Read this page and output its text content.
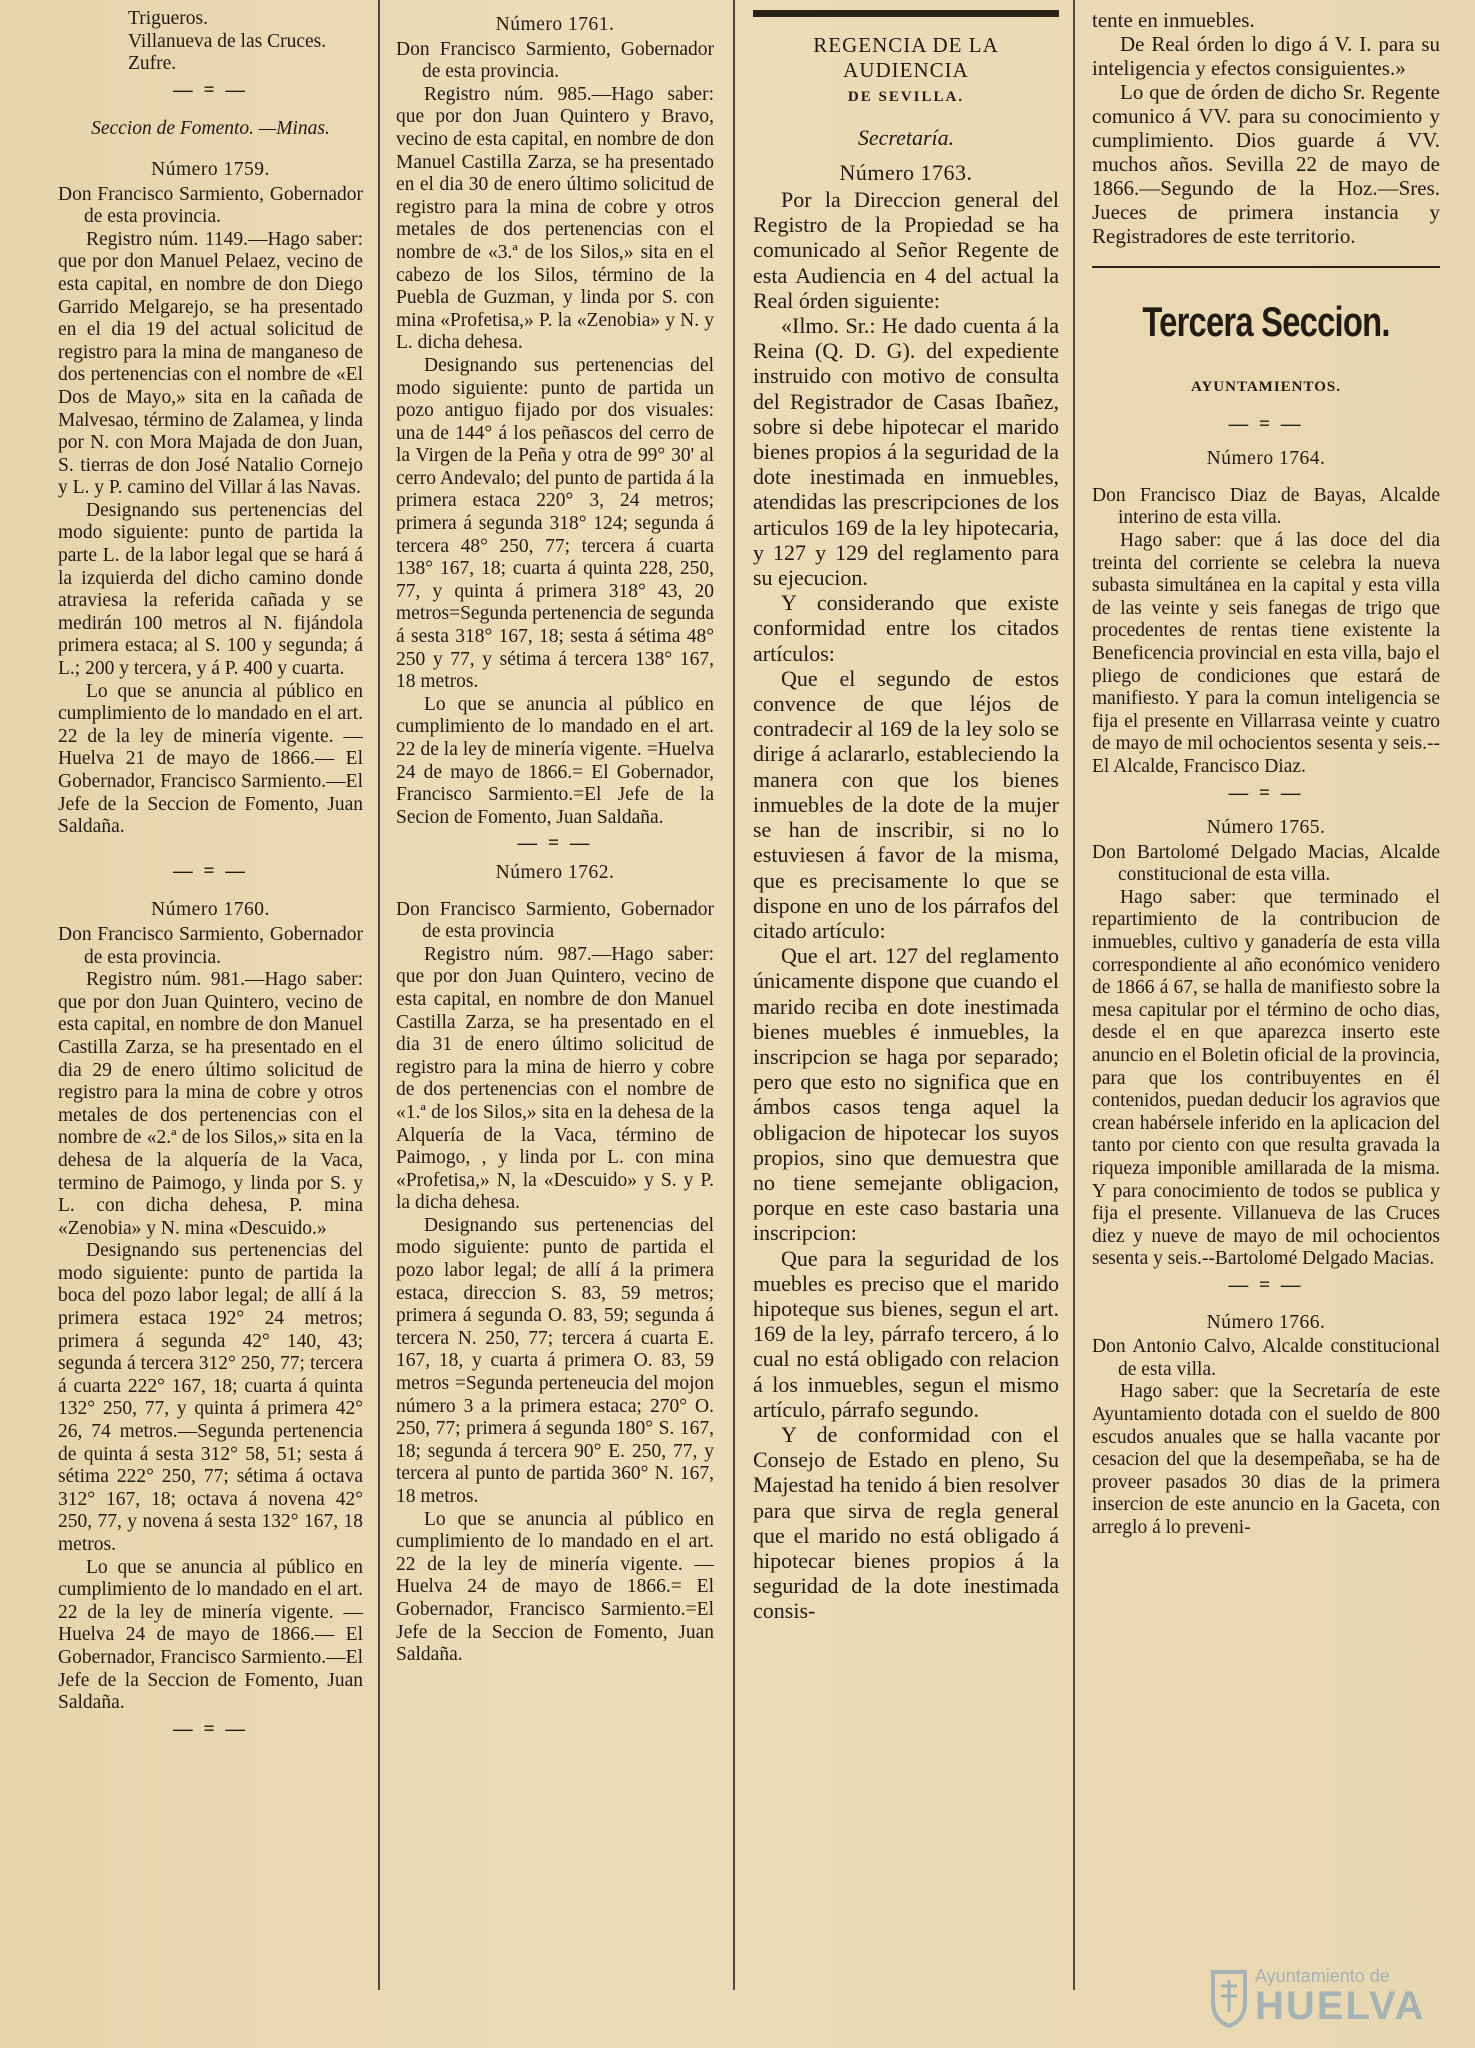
Trigueros.

Villanueva de las Cruces.

Zufre.

— = —

Seccion de Fomento. —Minas.

Número 1759.

Don Francisco Sarmiento, Gobernador de esta provincia.

Registro núm. 1149.—Hago saber: que por don Manuel Pelaez, vecino de esta capital, en nombre de don Diego Garrido Melgarejo, se ha presentado en el dia 19 del actual solicitud de registro para la mina de manganeso de dos pertenencias con el nombre de «El Dos de Mayo,» sita en la cañada de Malvesao, término de Zalamea, y linda por N. con Mora Majada de don Juan, S. tierras de don José Natalio Cornejo y L. y P. camino del Villar á las Navas.

Designando sus pertenencias del modo siguiente: punto de partida la parte L. de la labor legal que se hará á la izquierda del dicho camino donde atraviesa la referida cañada y se medirán 100 metros al N. fijándola primera estaca; al S. 100 y segunda; á L.; 200 y tercera, y á P. 400 y cuarta.

Lo que se anuncia al público en cumplimiento de lo mandado en el art. 22 de la ley de minería vigente. —Huelva 21 de mayo de 1866.— El Gobernador, Francisco Sarmiento.—El Jefe de la Seccion de Fomento, Juan Saldaña.

— = —

Número 1760.

Don Francisco Sarmiento, Gobernador de esta provincia.

Registro núm. 981.—Hago saber: que por don Juan Quintero, vecino de esta capital, en nombre de don Manuel Castilla Zarza, se ha presentado en el dia 29 de enero último solicitud de registro para la mina de cobre y otros metales de dos pertenencias con el nombre de «2.ª de los Silos,» sita en la dehesa de la alquería de la Vaca, termino de Paimogo, y linda por S. y L. con dicha dehesa, P. mina «Zenobia» y N. mina «Descuido.»

Designando sus pertenencias del modo siguiente: punto de partida la boca del pozo labor legal; de allí á la primera estaca 192° 24 metros; primera á segunda 42° 140, 43; segunda á tercera 312° 250, 77; tercera á cuarta 222° 167, 18; cuarta á quinta 132° 250, 77, y quinta á primera 42° 26, 74 metros.—Segunda pertenencia de quinta á sesta 312° 58, 51; sesta á sétima 222° 250, 77; sétima á octava 312° 167, 18; octava á novena 42° 250, 77, y novena á sesta 132° 167, 18 metros.

Lo que se anuncia al público en cumplimiento de lo mandado en el art. 22 de la ley de minería vigente. —Huelva 24 de mayo de 1866.— El Gobernador, Francisco Sarmiento.—El Jefe de la Seccion de Fomento, Juan Saldaña.

— = —

Número 1761.

Don Francisco Sarmiento, Gobernador de esta provincia.

Registro núm. 985.—Hago saber: que por don Juan Quintero y Bravo, vecino de esta capital, en nombre de don Manuel Castilla Zarza, se ha presentado en el dia 30 de enero último solicitud de registro para la mina de cobre y otros metales de dos pertenencias con el nombre de «3.ª de los Silos,» sita en el cabezo de los Silos, término de la Puebla de Guzman, y linda por S. con mina «Profetisa,» P. la «Zenobia» y N. y L. dicha dehesa.

Designando sus pertenencias del modo siguiente: punto de partida un pozo antiguo fijado por dos visuales: una de 144° á los peñascos del cerro de la Virgen de la Peña y otra de 99° 30' al cerro Andevalo; del punto de partida á la primera estaca 220° 3, 24 metros; primera á segunda 318° 124; segunda á tercera 48° 250, 77; tercera á cuarta 138° 167, 18; cuarta á quinta 228, 250, 77, y quinta á primera 318° 43, 20 metros=Segunda pertenencia de segunda á sesta 318° 167, 18; sesta á sétima 48° 250 y 77, y sétima á tercera 138° 167, 18 metros.

Lo que se anuncia al público en cumplimiento de lo mandado en el art. 22 de la ley de minería vigente. =Huelva 24 de mayo de 1866.= El Gobernador, Francisco Sarmiento.=El Jefe de la Secion de Fomento, Juan Saldaña.

— = —

Número 1762.

Don Francisco Sarmiento, Gobernador de esta provincia

Registro núm. 987.—Hago saber: que por don Juan Quintero, vecino de esta capital, en nombre de don Manuel Castilla Zarza, se ha presentado en el dia 31 de enero último solicitud de registro para la mina de hierro y cobre de dos pertenencias con el nombre de «1.ª de los Silos,» sita en la dehesa de la Alquería de la Vaca, término de Paimogo, , y linda por L. con mina «Profetisa,» N, la «Descuido» y S. y P. la dicha dehesa.

Designando sus pertenencias del modo siguiente: punto de partida el pozo labor legal; de allí á la primera estaca, direccion S. 83, 59 metros; primera á segunda O. 83, 59; segunda á tercera N. 250, 77; tercera á cuarta E. 167, 18, y cuarta á primera O. 83, 59 metros =Segunda perteneucia del mojon número 3 a la primera estaca; 270° O. 250, 77; primera á segunda 180° S. 167, 18; segunda á tercera 90° E. 250, 77, y tercera al punto de partida 360° N. 167, 18 metros.

Lo que se anuncia al público en cumplimiento de lo mandado en el art. 22 de la ley de minería vigente. —Huelva 24 de mayo de 1866.= El Gobernador, Francisco Sarmiento.=El Jefe de la Seccion de Fomento, Juan Saldaña.

REGENCIA DE LA AUDIENCIA

DE SEVILLA.

Secretaría.

Número 1763.

Por la Direccion general del Registro de la Propiedad se ha comunicado al Señor Regente de esta Audiencia en 4 del actual la Real órden siguiente:

«Ilmo. Sr.: He dado cuenta á la Reina (Q. D. G). del expediente instruido con motivo de consulta del Registrador de Casas Ibañez, sobre si debe hipotecar el marido bienes propios á la seguridad de la dote inestimada en inmuebles, atendidas las prescripciones de los articulos 169 de la ley hipotecaria, y 127 y 129 del reglamento para su ejecucion.

Y considerando que existe conformidad entre los citados artículos:

Que el segundo de estos convence de que léjos de contradecir al 169 de la ley solo se dirige á aclararlo, estableciendo la manera con que los bienes inmuebles de la dote de la mujer se han de inscribir, si no lo estuviesen á favor de la misma, que es precisamente lo que se dispone en uno de los párrafos del citado artículo:

Que el art. 127 del reglamento únicamente dispone que cuando el marido reciba en dote inestimada bienes muebles é inmuebles, la inscripcion se haga por separado; pero que esto no significa que en ámbos casos tenga aquel la obligacion de hipotecar los suyos propios, sino que demuestra que no tiene semejante obligacion, porque en este caso bastaria una inscripcion:

Que para la seguridad de los muebles es preciso que el marido hipoteque sus bienes, segun el art. 169 de la ley, párrafo tercero, á lo cual no está obligado con relacion á los inmuebles, segun el mismo artículo, párrafo segundo.

Y de conformidad con el Consejo de Estado en pleno, Su Majestad ha tenido á bien resolver para que sirva de regla general que el marido no está obligado á hipotecar bienes propios á la seguridad de la dote inestimada consis-

tente en inmuebles.

De Real órden lo digo á V. I. para su inteligencia y efectos consiguientes.»

Lo que de órden de dicho Sr. Regente comunico á VV. para su conocimiento y cumplimiento. Dios guarde á VV. muchos años. Sevilla 22 de mayo de 1866.—Segundo de la Hoz.—Sres. Jueces de primera instancia y Registradores de este territorio.

Tercera Seccion.

AYUNTAMIENTOS.

— = —

Número 1764.

Don Francisco Diaz de Bayas, Alcalde interino de esta villa.

Hago saber: que á las doce del dia treinta del corriente se celebra la nueva subasta simultánea en la capital y esta villa de las veinte y seis fanegas de trigo que procedentes de rentas tiene existente la Beneficencia provincial en esta villa, bajo el pliego de condiciones que estará de manifiesto. Y para la comun inteligencia se fija el presente en Villarrasa veinte y cuatro de mayo de mil ochocientos sesenta y seis.--El Alcalde, Francisco Diaz.

— = —

Número 1765.

Don Bartolomé Delgado Macias, Alcalde constitucional de esta villa.

Hago saber: que terminado el repartimiento de la contribucion de inmuebles, cultivo y ganadería de esta villa correspondiente al año económico venidero de 1866 á 67, se halla de manifiesto sobre la mesa capitular por el término de ocho dias, desde el en que aparezca inserto este anuncio en el Boletin oficial de la provincia, para que los contribuyentes en él contenidos, puedan deducir los agravios que crean habérsele inferido en la aplicacion del tanto por ciento con que resulta gravada la riqueza imponible amillarada de la misma. Y para conocimiento de todos se publica y fija el presente. Villanueva de las Cruces diez y nueve de mayo de mil ochocientos sesenta y seis.--Bartolomé Delgado Macias.

— = —

Número 1766.

Don Antonio Calvo, Alcalde constitucional de esta villa.

Hago saber: que la Secretaría de este Ayuntamiento dotada con el sueldo de 800 escudos anuales que se halla vacante por cesacion del que la desempeñaba, se ha de proveer pasados 30 dias de la primera insercion de este anuncio en la Gaceta, con arreglo á lo preveni-

Ayuntamiento de
HUELVA
